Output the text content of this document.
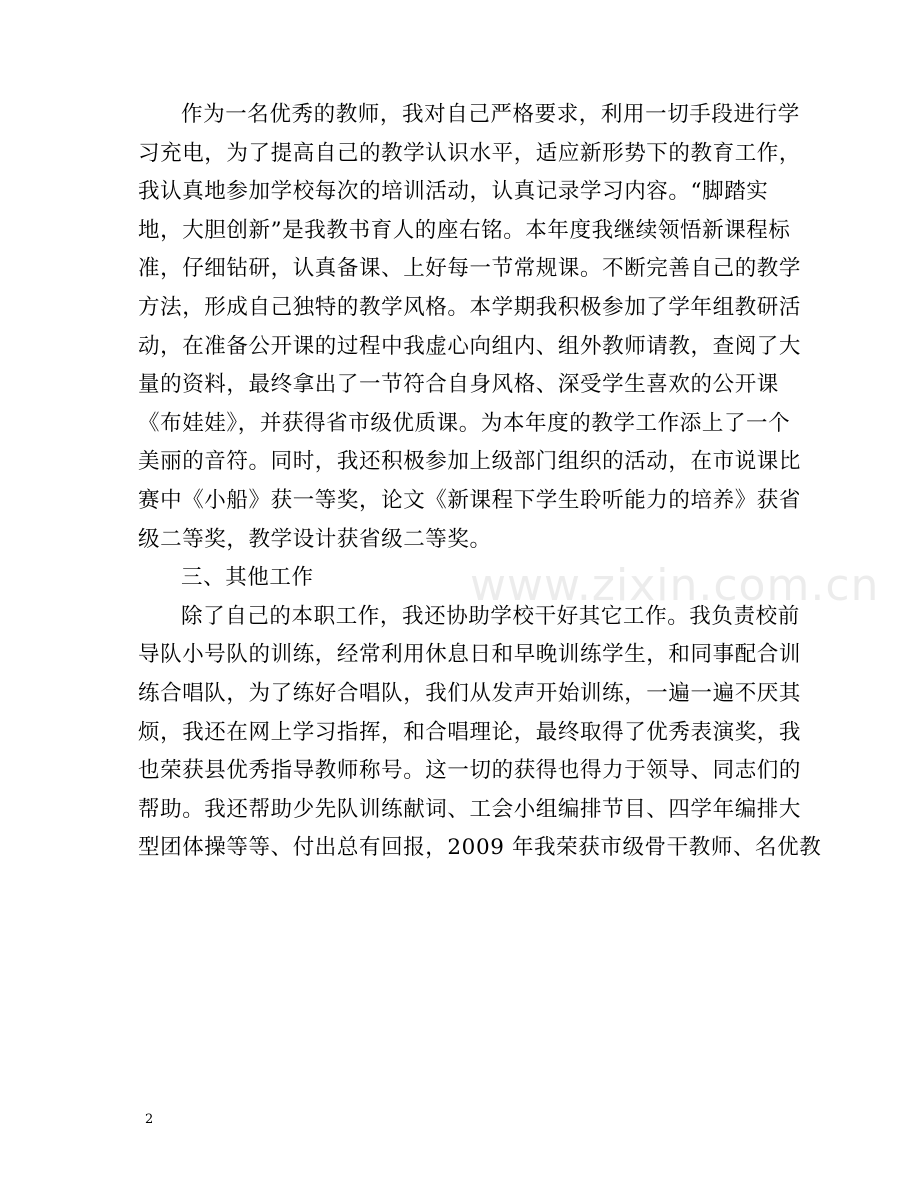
作为一名优秀的教师，我对自己严格要求，利用一切手段进行学
习充电，为了提高自己的教学认识水平，适应新形势下的教育工作，
我认真地参加学校每次的培训活动，认真记录学习内容。“脚踏实
地，大胆创新”是我教书育人的座右铭。本年度我继续领悟新课程标
准，仔细钻研，认真备课、上好每一节常规课。不断完善自己的教学
方法，形成自己独特的教学风格。本学期我积极参加了学年组教研活
动，在准备公开课的过程中我虚心向组内、组外教师请教，查阅了大
量的资料，最终拿出了一节符合自身风格、深受学生喜欢的公开课
《布娃娃》，并获得省市级优质课。为本年度的教学工作添上了一个
美丽的音符。同时，我还积极参加上级部门组织的活动，在市说课比
赛中《小船》获一等奖，论文《新课程下学生聆听能力的培养》获省
级二等奖，教学设计获省级二等奖。
三、其他工作
除了自己的本职工作，我还协助学校干好其它工作。我负责校前
导队小号队的训练，经常利用休息日和早晚训练学生，和同事配合训
练合唱队，为了练好合唱队，我们从发声开始训练，一遍一遍不厌其
烦，我还在网上学习指挥，和合唱理论，最终取得了优秀表演奖，我
也荣获县优秀指导教师称号。这一切的获得也得力于领导、同志们的
帮助。我还帮助少先队训练献词、工会小组编排节目、四学年编排大
型团体操等等、付出总有回报，2009 年我荣获市级骨干教师、名优教
www.zixin.com.cn
2
